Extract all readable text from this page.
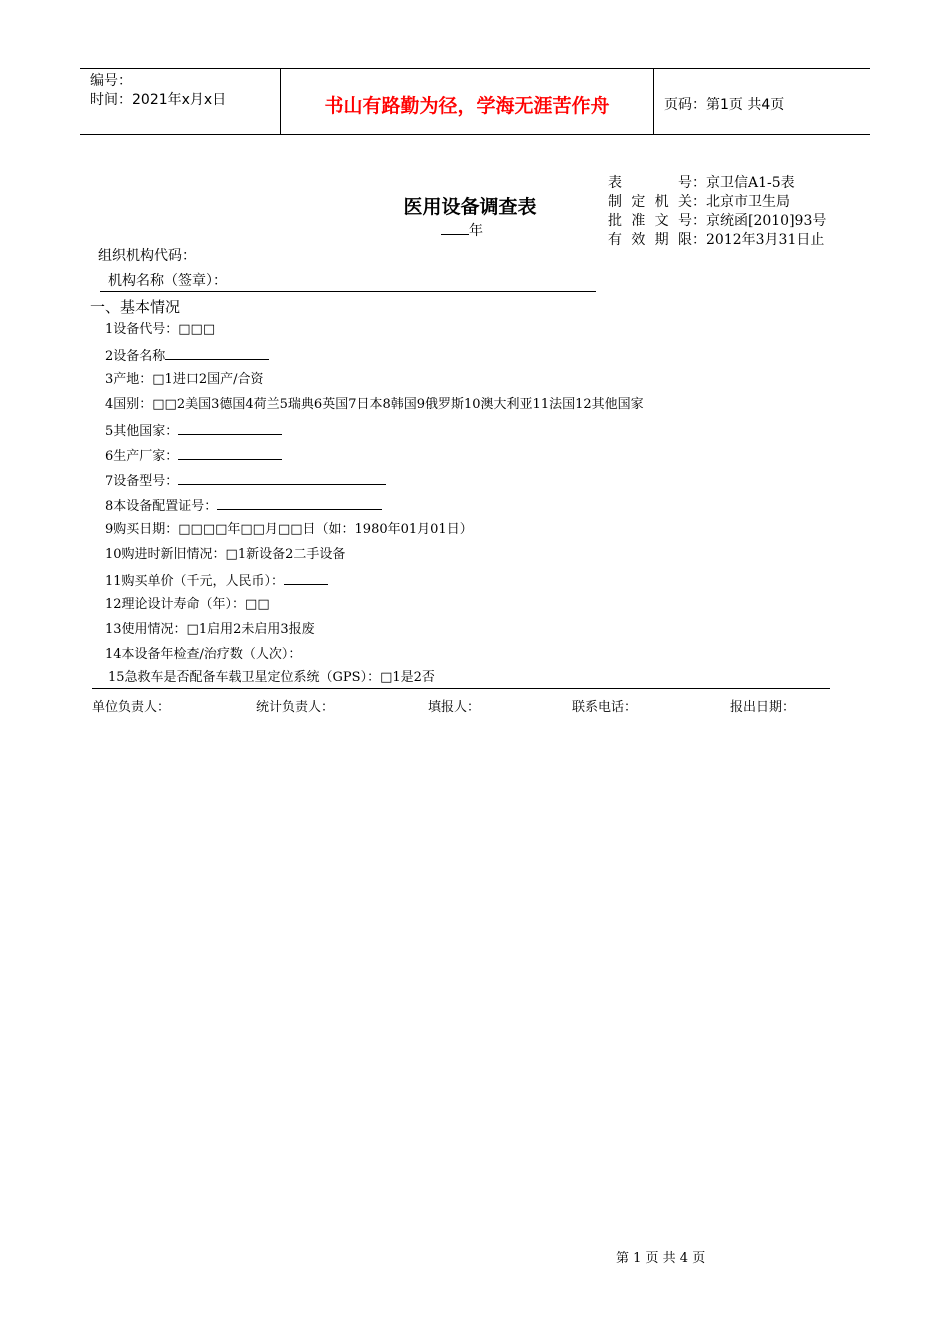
编号：
时间：2021年x月x日	书山有路勤为径，学海无涯苦作舟	页码：第1页 共4页
表号：京卫信A1-5表
制定机关：北京市卫生局
批准文号：京统函[2010]93号
有效期限：2012年3月31日止
医用设备调查表
年
组织机构代码：
机构名称（签章）：
一、基本情况
1设备代号：□□□
2设备名称
3产地：□1进口2国产/合资
4国别：□□2美国3德国4荷兰5瑞典6英国7日本8韩国9俄罗斯10澳大利亚11法国12其他国家
5其他国家：
6生产厂家：
7设备型号：
8本设备配置证号：
9购买日期：□□□□年□□月□□日（如：1980年01月01日）
10购进时新旧情况：□1新设备2二手设备
11购买单价（千元，人民币）：
12理论设计寿命（年）：□□
13使用情况：□1启用2未启用3报废
14本设备年检查/治疗数（人次）：
15急救车是否配备车载卫星定位系统（GPS）：□1是2否
单位负责人：	统计负责人：	填报人：	联系电话：	报出日期：
第 1 页 共 4 页
